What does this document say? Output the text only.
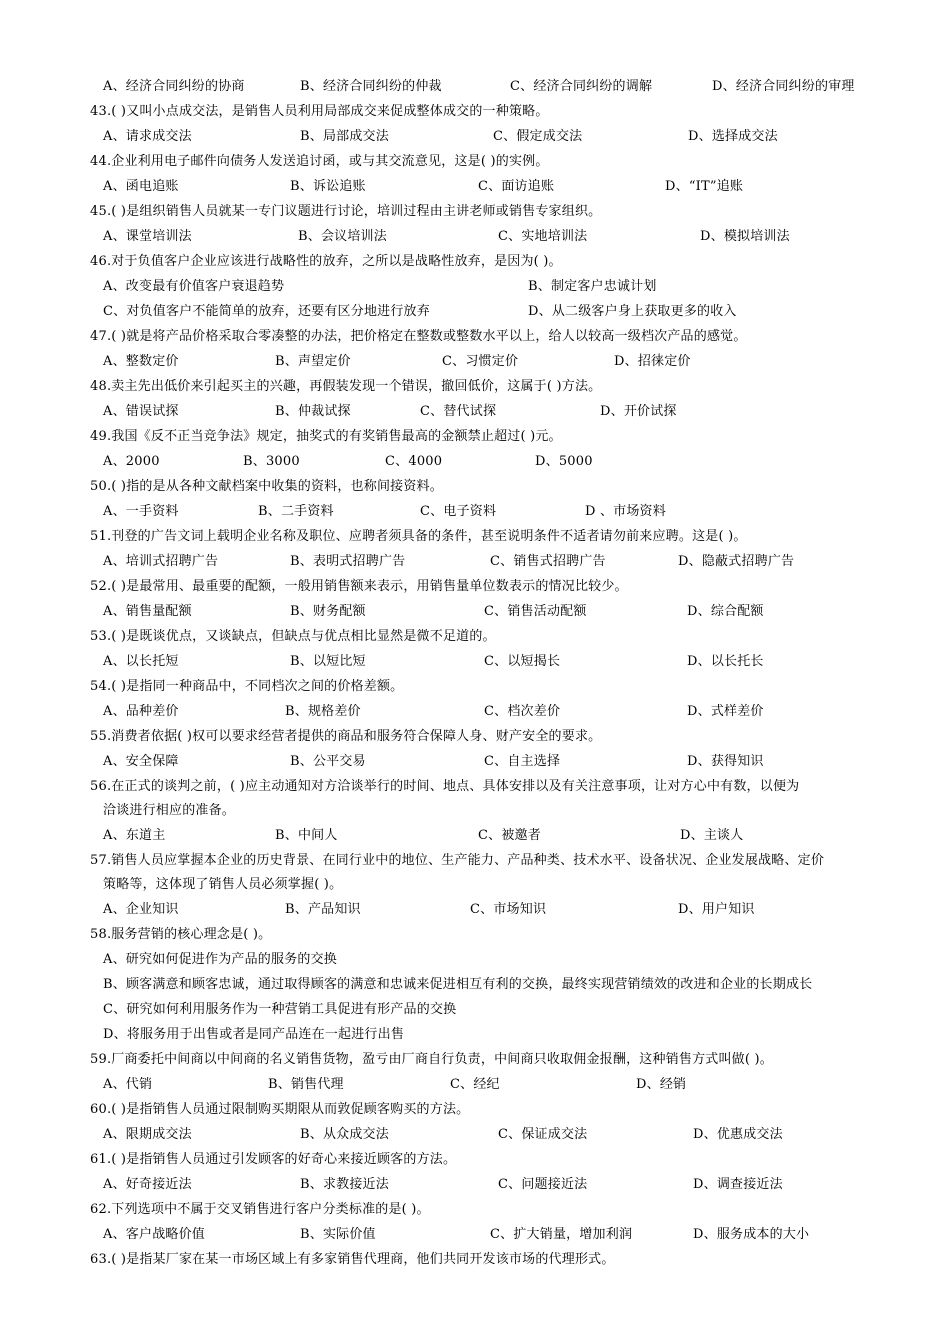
A、经济合同纠纷的协商	B、经济合同纠纷的仲裁	C、经济合同纠纷的调解	D、经济合同纠纷的审理
43.( )又叫小点成交法，是销售人员利用局部成交来促成整体成交的一种策略。
A、请求成交法	B、局部成交法	C、假定成交法	D、选择成交法
44.企业利用电子邮件向债务人发送追讨函，或与其交流意见，这是( )的实例。
A、函电追账	B、诉讼追账	C、面访追账	D、“IT”追账
45.( )是组织销售人员就某一专门议题进行讨论，培训过程由主讲老师或销售专家组织。
A、课堂培训法	B、会议培训法	C、实地培训法	D、模拟培训法
46.对于负值客户企业应该进行战略性的放弃，之所以是战略性放弃，是因为( )。
A、改变最有价值客户衰退趋势	B、制定客户忠诚计划
C、对负值客户不能简单的放弃，还要有区分地进行放弃	D、从二级客户身上获取更多的收入
47.( )就是将产品价格采取合零凑整的办法，把价格定在整数或整数水平以上，给人以较高一级档次产品的感觉。
A、整数定价	B、声望定价	C、习惯定价	D、招徕定价
48.卖主先出低价来引起买主的兴趣，再假装发现一个错误，撤回低价，这属于( )方法。
A、错误试探	B、仲裁试探	C、替代试探	D、开价试探
49.我国《反不正当竞争法》规定，抽奖式的有奖销售最高的金额禁止超过( )元。
A、2000	B、3000	C、4000	D、5000
50.( )指的是从各种文献档案中收集的资料，也称间接资料。
A、一手资料	B、二手资料	C、电子资料	D 、市场资料
51.刊登的广告文词上载明企业名称及职位、应聘者须具备的条件，甚至说明条件不适者请勿前来应聘。这是( )。
A、培训式招聘广告	B、表明式招聘广告	C、销售式招聘广告	D、隐蔽式招聘广告
52.( )是最常用、最重要的配额，一般用销售额来表示，用销售量单位数表示的情况比较少。
A、销售量配额	B、财务配额	C、销售活动配额	D、综合配额
53.( )是既谈优点，又谈缺点，但缺点与优点相比显然是微不足道的。
A、以长托短	B、以短比短	C、以短揭长	D、以长托长
54.( )是指同一种商品中，不同档次之间的价格差额。
A、品种差价	B、规格差价	C、档次差价	D、式样差价
55.消费者依据( )权可以要求经营者提供的商品和服务符合保障人身、财产安全的要求。
A、安全保障	B、公平交易	C、自主选择	D、获得知识
56.在正式的谈判之前，( )应主动通知对方洽谈举行的时间、地点、具体安排以及有关注意事项，让对方心中有数，以便为
洽谈进行相应的准备。
A、东道主	B、中间人	C、被邀者	D、主谈人
57.销售人员应掌握本企业的历史背景、在同行业中的地位、生产能力、产品种类、技术水平、设备状况、企业发展战略、定价
策略等，这体现了销售人员必须掌握( )。
A、企业知识	B、产品知识	C、市场知识	D、用户知识
58.服务营销的核心理念是( )。
A、研究如何促进作为产品的服务的交换
B、顾客满意和顾客忠诚，通过取得顾客的满意和忠诚来促进相互有利的交换，最终实现营销绩效的改进和企业的长期成长
C、研究如何利用服务作为一种营销工具促进有形产品的交换
D、将服务用于出售或者是同产品连在一起进行出售
59.厂商委托中间商以中间商的名义销售货物，盈亏由厂商自行负责，中间商只收取佣金报酬，这种销售方式叫做( )。
A、代销	B、销售代理	C、经纪	D、经销
60.( )是指销售人员通过限制购买期限从而敦促顾客购买的方法。
A、限期成交法	B、从众成交法	C、保证成交法	D、优惠成交法
61.( )是指销售人员通过引发顾客的好奇心来接近顾客的方法。
A、好奇接近法	B、求教接近法	C、问题接近法	D、调查接近法
62.下列选项中不属于交叉销售进行客户分类标准的是( )。
A、客户战略价值	B、实际价值	C、扩大销量，增加利润	D、服务成本的大小
63.( )是指某厂家在某一市场区域上有多家销售代理商，他们共同开发该市场的代理形式。
